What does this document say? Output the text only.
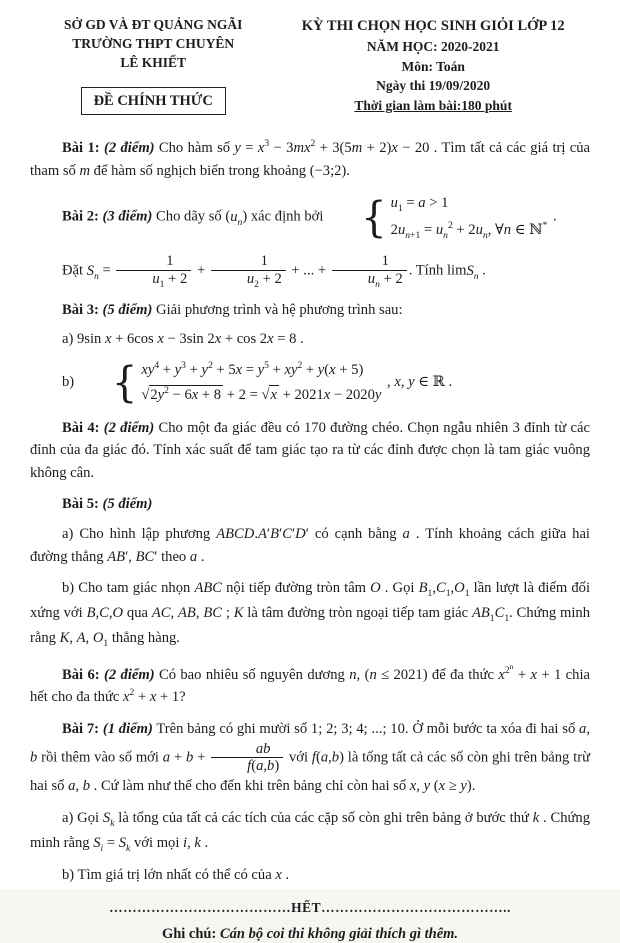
SỞ GD VÀ ĐT QUẢNG NGÃI
TRƯỜNG THPT CHUYÊN
LÊ KHIẾT
ĐỀ CHÍNH THỨC
KỲ THI CHỌN HỌC SINH GIỎI LỚP 12
NĂM HỌC: 2020-2021
Môn: Toán
Ngày thi 19/09/2020
Thời gian làm bài:180 phút

Bài 1: (2 điểm) Cho hàm số $y = x^3 - 3mx^2 + 3(5m + 2)x - 20$ . Tìm tất cả các giá trị của tham số m để hàm số nghịch biến trong khoảng (−3;2).

Bài 2: (3 điểm) Cho dãy số $(u_n)$ xác định bởi { $u_1 = a > 1$
$2u_{n+1} = u_n^2 + 2u_n$, ∀n ∈ ℕ*
.

Đặt $S_n = \frac{1}{u_1 + 2} + \frac{1}{u_2 + 2}$ + ... + $\frac{1}{u_n + 2}$ . Tính limS$_n$ .

Bài 3: (5 điểm) Giải phương trình và hệ phương trình sau:

a) 9sin x + 6cos x − 3sin 2x + cos 2x = 8 .

b) { $xy^4 + y^3 + y^2 + 5x = y^5 + xy^2 + y(x + 5)$
$√2y^2 - 6x + 8 + 2 = √x + 2021x - 2020y$
, x, y ∈ ℝ .

Bài 4: (2 điểm) Cho một đa giác đều có 170 đường chéo. Chọn ngẫu nhiên 3 đỉnh từ các đỉnh của đa giác đó. Tính xác suất để tam giác tạo ra từ các đỉnh được chọn là tam giác vuông không cân.

Bài 5: (5 điểm)

a) Cho hình lập phương ABCD.A′B′C′D′ có cạnh bằng a . Tính khoảng cách giữa hai đường thẳng AB′, BC′ theo a .

b) Cho tam giác nhọn ABC nội tiếp đường tròn tâm O . Gọi $B_1,C_1,O_1$ lần lượt là điểm đối xứng với B,C,O qua AC, AB, BC ; K là tâm đường tròn ngoại tiếp tam giác $AB_1C_1$. Chứng minh rằng K, A, $O_1$ thẳng hàng.

Bài 6: (2 điểm) Có bao nhiêu số nguyên dương n, (n ≤ 2021) để đa thức $x^{2^n} + x + 1$ chia hết cho đa thức $x^2 + x + 1$?

Bài 7: (1 điểm) Trên bảng có ghi mười số 1; 2; 3; 4; ...; 10. Ở mỗi bước ta xóa đi hai số a, b rồi thêm vào số mới $a + b + \frac{ab}{f(a,b)}$ với f(a,b) là tổng tất cả các số còn ghi trên bảng trừ hai số a, b . Cứ làm như thế cho đến khi trên bảng chỉ còn hai số x, y (x ≥ y).

a) Gọi $S_k$ là tổng của tất cả các tích của các cặp số còn ghi trên bảng ở bước thứ k . Chứng minh rằng $S_i = S_k$ với mọi i, k .

b) Tìm giá trị lớn nhất có thể có của x .

…………………………………HẾT…………………………………..
Ghi chú: Cán bộ coi thi không giải thích gì thêm.
